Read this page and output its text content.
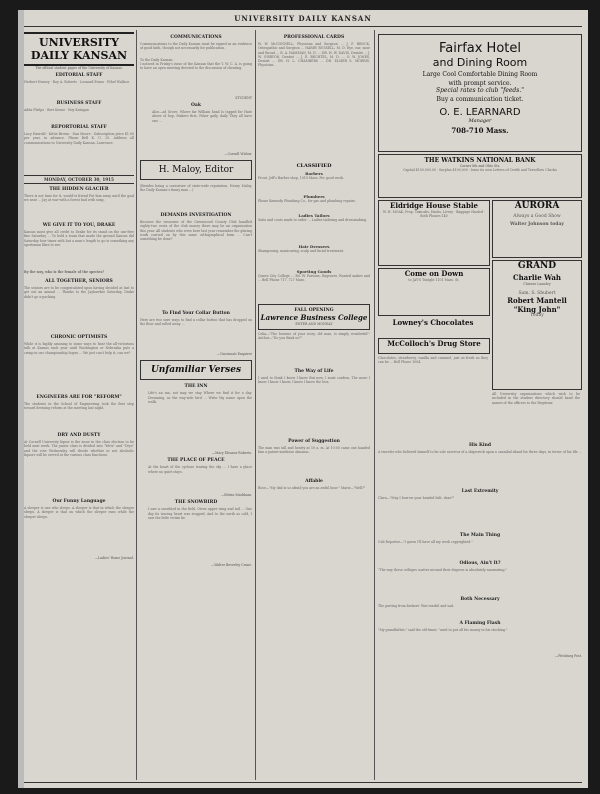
UNIVERSITY DAILY KANSAN
UNIVERSITY DAILY KANSAN
The official student paper of the University of Kansas.
EDITORIAL STAFF
Herbert Hussey · Roy A. Roberts · Leonard Evans · Ethel Wallace
BUSINESS STAFF
Adda Phelps · Bert Keene · Roy Katagan
REPORTORIAL STAFF
Lucy Harrold · Kittie Brown · Dan Moore · Subscription price $1.00 per year, in advance. Phone Bell K. U. 25. Address all communications to University Daily Kansan, Lawrence.
MONDAY, OCTOBER 30, 1915
THE HIDDEN GLACIER
There is not time for it, would'st friend Put him away until the goal we near ... Jay at war with a forest bad with song.
WE GIVE IT TO YOU, DRAKE
Kansas must give all credit to Drake for its stand on the one-free fine Saturday ... To hold a team that made the ground Kansas did Saturday four times with but a man's length to go is something any sportsman likes to see.
By the way, who is the female of the species?
ALL TOGETHER, SENIORS
The seniors are to be congratulated upon having decided at last to get out an annual ... Thanks to the Jayhawker Saturday, Drake didn't go a-packing.
CHRONIC OPTIMISTS
While it is highly amusing to some ways to hear the all-victorious talk at Kansas each year until Washington or Nebraska puts a crimp in our championship hopes ... We just can't help it, can we?
ENGINEERS ARE FOR "REFORM"
The students in the School of Engineering took the first step toward dressing reform at the meeting last night.
DRY AND DUSTY
At Cornell University liquor is the issue in the class election to be held next week. The junior class is divided into "Wets" and "Drys" and the vote Wednesday will decide whether or not alcoholic liquors will be served at the various class functions.
Our Funny Language
A sleeper is one who sleeps. A sleeper is that in which the sleeper sleeps. A sleeper is that on which the sleeper runs while the sleeper sleeps.
—Ladies' Home Journal.
COMMUNICATIONS
Communications to the Daily Kansan must be signed as an evidence of good faith, though not necessarily for publication.
To the Daily Kansan:
I noticed in Friday's issue of the Kansan that the Y. W. C. A. is going to have an open meeting devoted to the discussion of cheating.
STUDENT
Oak
Aloe—ad Grove, Where far William head Is tapped for Hate above of hop, Makers first, Poker gaily, daily They all have one ...
—Cornell Widow.
H. Maloy, Editor
(Besides being a caricature of state-wide reputation, Henry Maloy, the Daily Kansan's funny man ...)
DEMANDS INVESTIGATION
Because the treasurer of the Greenwood County Club handled eighty-two cents of the club money there may be an organization this year. All students who were here last year remember the glaring work carried on by this same orthographical form ... Can't something be done?
To Find Your Collar Button
Here are two sure ways to find a collar button that has dropped on the floor and rolled away ...
—Cincinnati Enquirer
Unfamiliar Verses
THE INN
Life's an inn, not may we stay Where we find it for a day. Dreaming, as the way-side bird ... Write thy name upon the walls.
—Mary Eleanor Roberts.
THE PLACE OF PEACE
At the heart of the cyclone tearing the sky ... I have a place where no quiet stays.
—Edwin Markham.
THE SNOWBIRD
I saw a snowbird in the field, Given upper wing and tail ... One day its tracing heart was stopped, And to the earth as cold, I saw the little victim lie.
—Walter Beverley Crane.
PROFESSIONAL CARDS
W. W. McCONNELL, Physician and Surgeon ... J. F. BROCK, Osteopathic and Surgeon ... HARRY RUSSELL, M. D. Eye, ear, nose and throat ... R. A. HAMMAN, M. D. ... DR. H. W. DAVIS, Dentist ... J. W. O'BRYON, Dentist ... J. E. BECHTEL, M. D. ... O. W. JONES, Dentist ... DR. H. L. CHAMBERS ... DR. ELMER S. MORRIS, Physician.
CLASSIFIED
Barbers
Prout, Jeff's Barber shop, 1019 Mass. For good work.
Plumbers
Phone Kennedy Plumbing Co., for gas and plumbing repairs.
Ladies Tailors
Suits and coats made to order ... Ladies tailoring and dressmaking.
Hair Dressers
Shampooing, manicuring, scalp and facial treatment.
Sporting Goods
Queen City College ... Ed. W. Parsons, Engraver, Wanted makes and ... Bell Phone 717. 727 Mass.
FALL OPENING
Lawrence Business College
ENTER AND MONDAY
Celia—"The heroine of your story, old man, is simply wonderful!" Author—"Do you think so?"
The Way of Life
I used to think I knew I knew But now, I must confess, The more I know I know I know, I know I know the less.
Power of Suggestion
The man was tall and hearty at 10 a. m. At 10:05 came one handed him a patent-medicine almanac.
Affable
Rose—"My dad is so afraid you are an awful boor." Marie—"Well?"
Fairfax Hotel
and Dining Room
Large Cool Comfortable Dining Room
with prompt service.
Special rates to club "feeds."
Buy a communication ticket.
O. E. LEARNARD
Manager
708-710 Mass.
THE WATKINS NATIONAL BANK
Corner 8th and Ohio Sts.
Capital $100,000.00 · Surplus $100,000 · Issue its own Letters of Credit and Travellers Checks
Eldridge House Stable
W. H. MOAK, Prop. Taxicabs, Hacks, Livery · Baggage Hauled · Both Phones 140
Come on Down
to JAY'S Tonight 1101 Mass. St.
Lowney's Chocolates
McColloch's Drug Store
AURORA
Always a Good Show
Walter Johnson today
GRAND
Charlie Wah
Chinese Laundry
Sam. S. Shubert
Robert Mantell
"King John"
Today
All University organizations which wish to be included in the student directory should hand the names of the officers to the Registrar.
Chocolates, strawberry, vanilla and caramel, just as fresh as they can be ... Bell Phone 1004.
His Kind
A traveler who believed himself to be sole survivor of a shipwreck upon a cannibal island for three days, in terror of his life ...
Last Extremity
Clara—"May I borrow your beaded belt, dear?"
The Main Thing
Cub Reporter—"I guess I'll have all my work copyrighted."
Odious, Ain't It?
"The way these colleges scatter around their degrees is absolutely nauseating."
Both Necessary
The parting from brokers' Was tearful and sad.
A Flaming Flash
"My grandfather," said the old-timer, "used to put all his money in his stocking."
—Pittsburg Post.
